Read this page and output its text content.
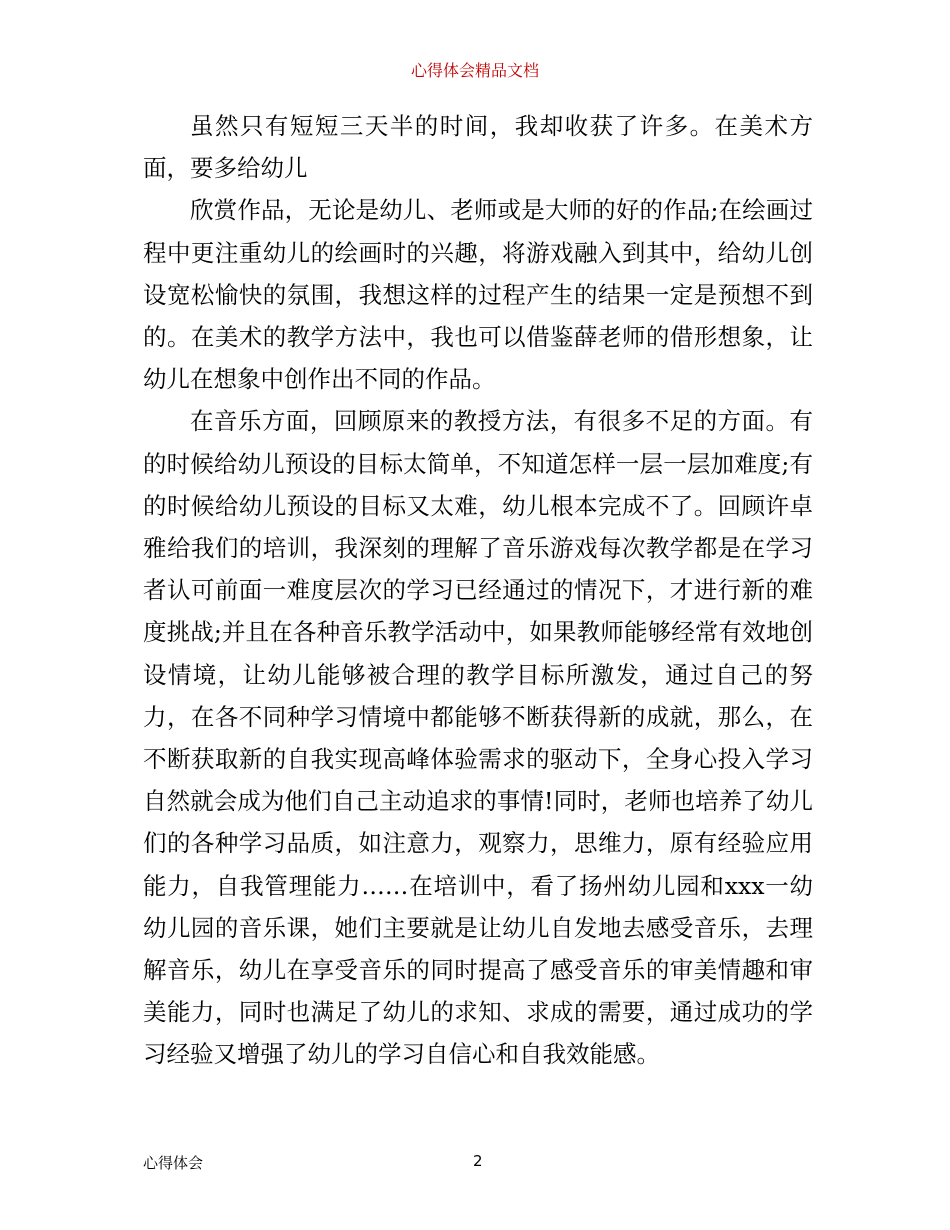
心得体会精品文档

虽然只有短短三天半的时间，我却收获了许多。在美术方面，要多给幼儿

欣赏作品，无论是幼儿、老师或是大师的好的作品;在绘画过程中更注重幼儿的绘画时的兴趣，将游戏融入到其中，给幼儿创设宽松愉快的氛围，我想这样的过程产生的结果一定是预想不到的。在美术的教学方法中，我也可以借鉴薛老师的借形想象，让幼儿在想象中创作出不同的作品。

在音乐方面，回顾原来的教授方法，有很多不足的方面。有的时候给幼儿预设的目标太简单，不知道怎样一层一层加难度;有的时候给幼儿预设的目标又太难，幼儿根本完成不了。回顾许卓雅给我们的培训，我深刻的理解了音乐游戏每次教学都是在学习者认可前面一难度层次的学习已经通过的情况下，才进行新的难度挑战;并且在各种音乐教学活动中，如果教师能够经常有效地创设情境，让幼儿能够被合理的教学目标所激发，通过自己的努力，在各不同种学习情境中都能够不断获得新的成就，那么，在不断获取新的自我实现高峰体验需求的驱动下，全身心投入学习自然就会成为他们自己主动追求的事情!同时，老师也培养了幼儿们的各种学习品质，如注意力，观察力，思维力，原有经验应用能力，自我管理能力……在培训中，看了扬州幼儿园和xxx一幼幼儿园的音乐课，她们主要就是让幼儿自发地去感受音乐，去理解音乐，幼儿在享受音乐的同时提高了感受音乐的审美情趣和审美能力，同时也满足了幼儿的求知、求成的需要，通过成功的学习经验又增强了幼儿的学习自信心和自我效能感。

心得体会	2
